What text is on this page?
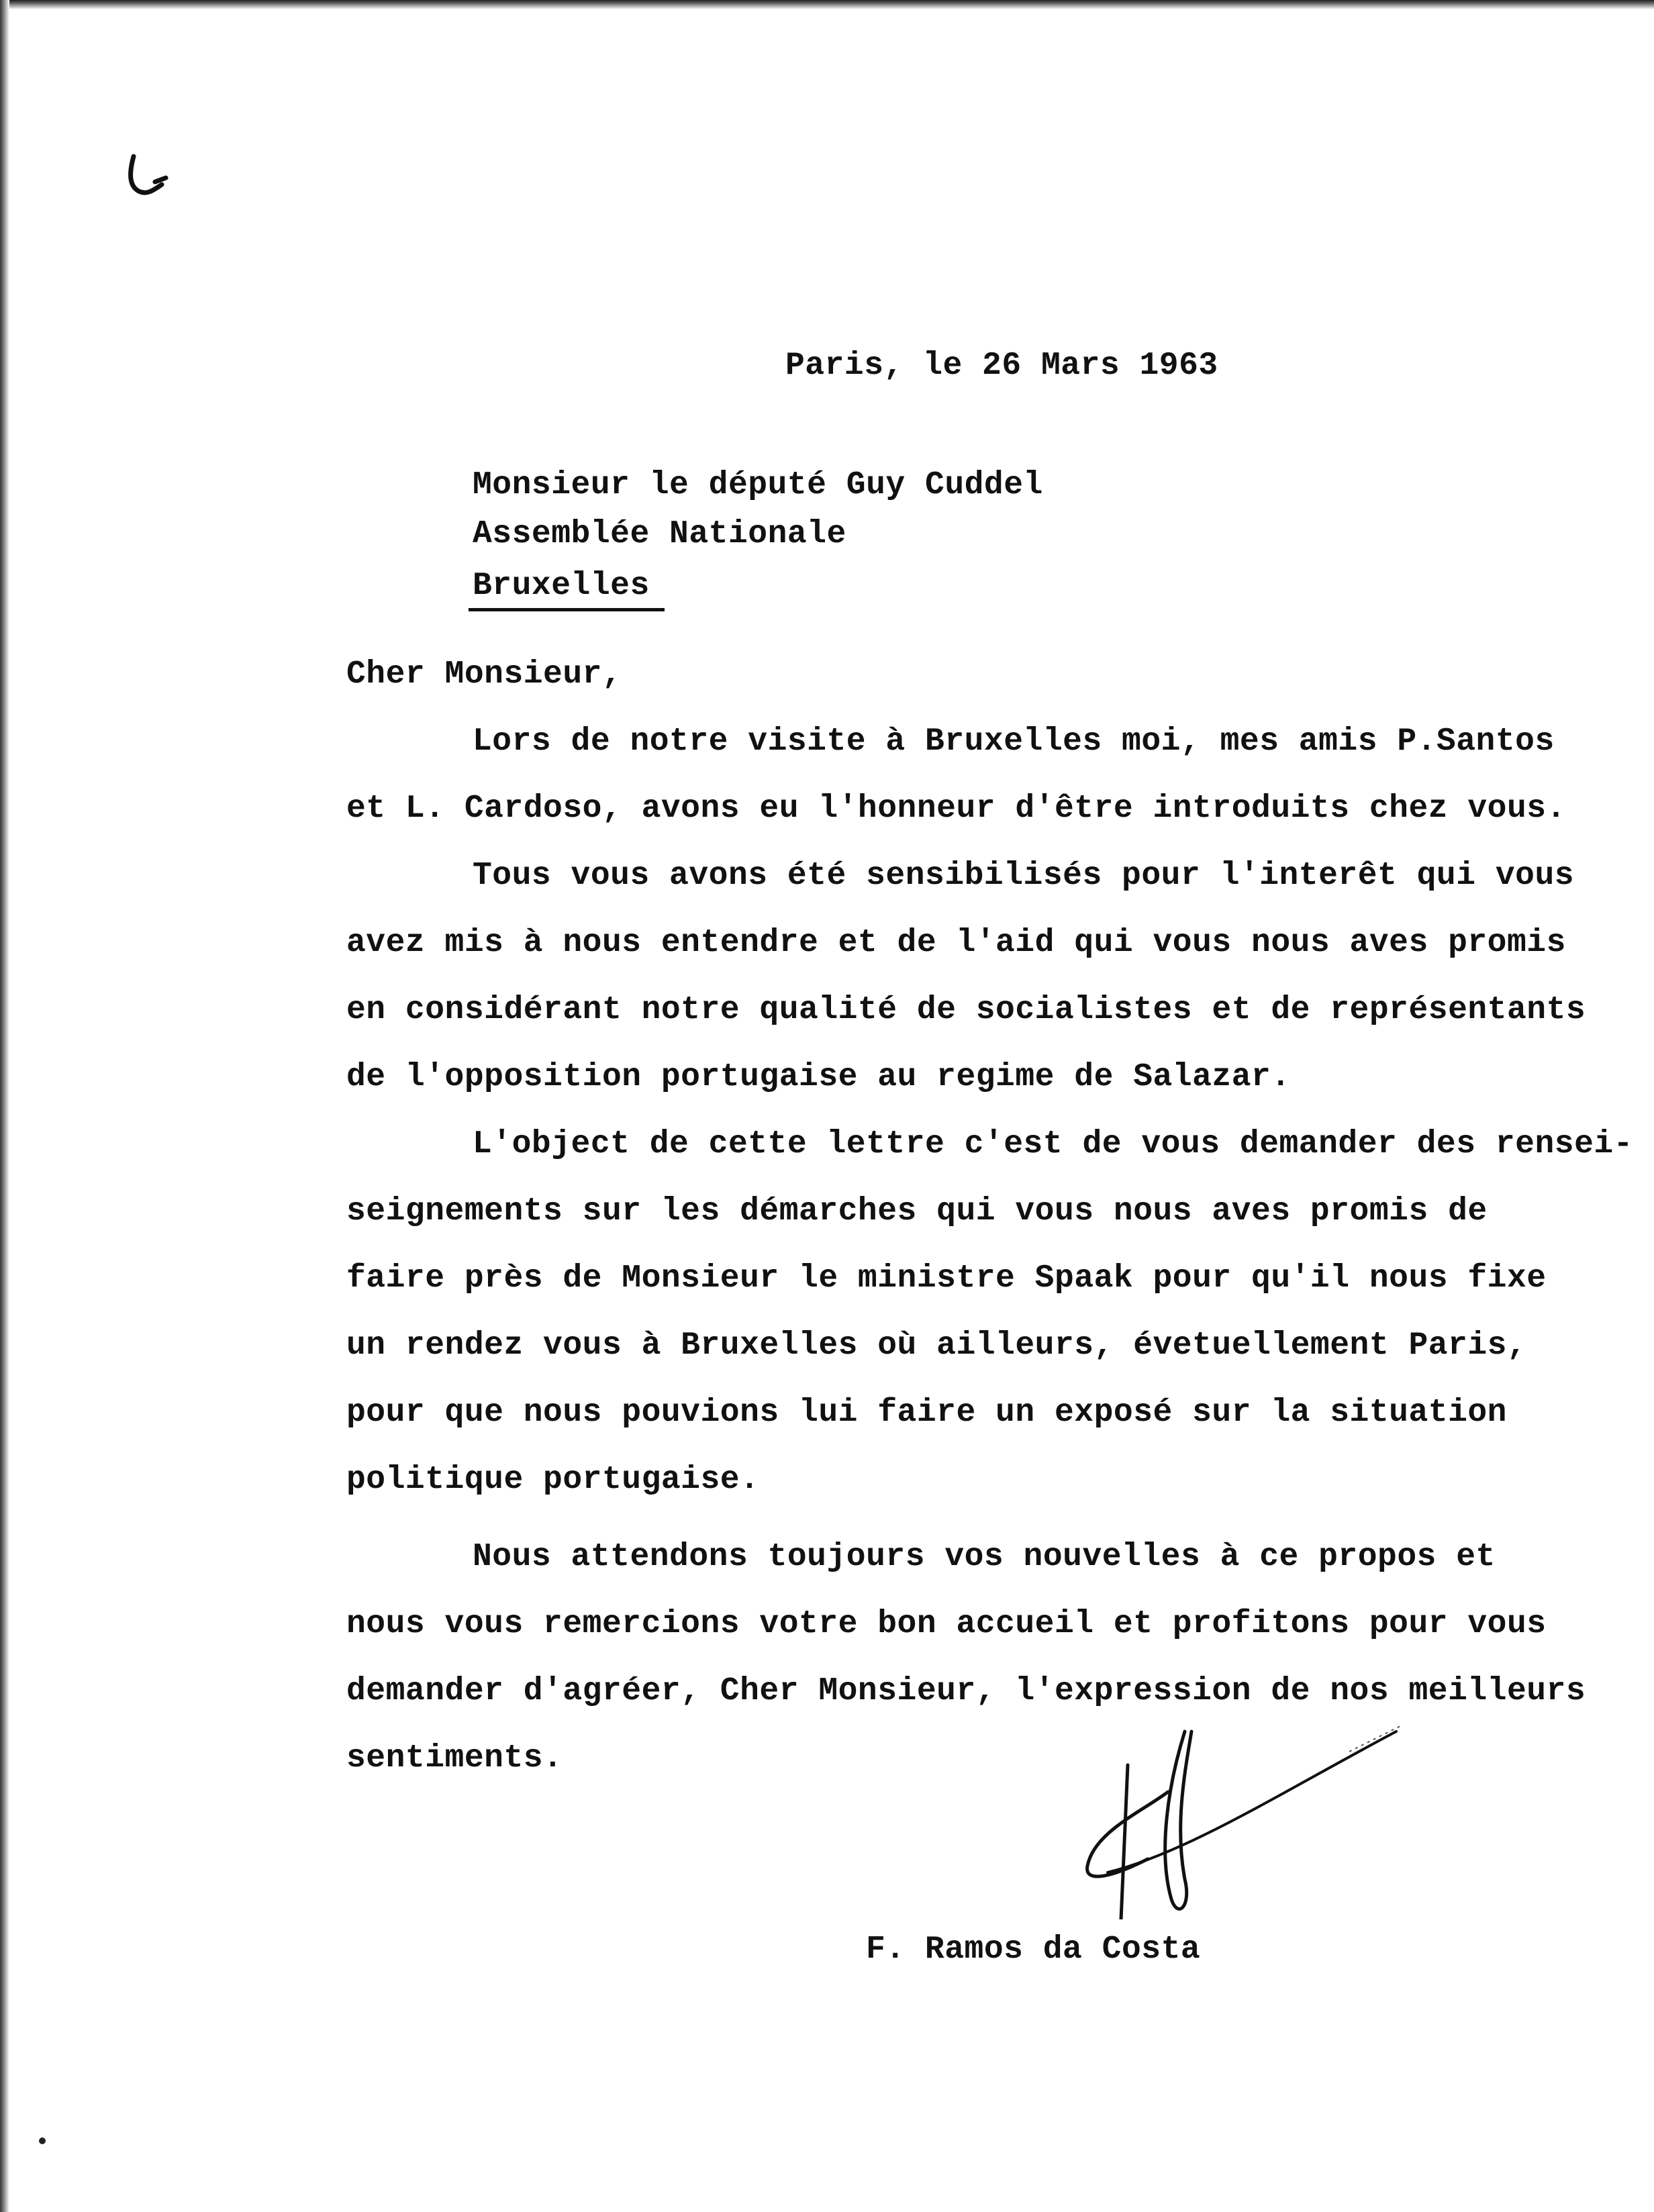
Paris, le 26 Mars 1963
Monsieur le député Guy Cuddel
Assemblée Nationale
Bruxelles
Cher Monsieur,
Lors de notre visite à Bruxelles moi, mes amis P.Santos
et L. Cardoso, avons eu l'honneur d'être introduits chez vous.
Tous vous avons été sensibilisés pour l'interêt qui vous
avez mis à nous entendre et de l'aid qui vous nous aves promis
en considérant notre qualité de socialistes et de représentants
de l'opposition portugaise au regime de Salazar.
L'object de cette lettre c'est de vous demander des rensei-
seignements sur les démarches qui vous nous aves promis de
faire près de Monsieur le ministre Spaak pour qu'il nous fixe
un rendez vous à Bruxelles où ailleurs, évetuellement Paris,
pour que nous pouvions lui faire un exposé sur la situation
politique portugaise.
Nous attendons toujours vos nouvelles à ce propos et
nous vous remercions votre bon accueil et profitons pour vous
demander d'agréer, Cher Monsieur, l'expression de nos meilleurs
sentiments.
F. Ramos da Costa
